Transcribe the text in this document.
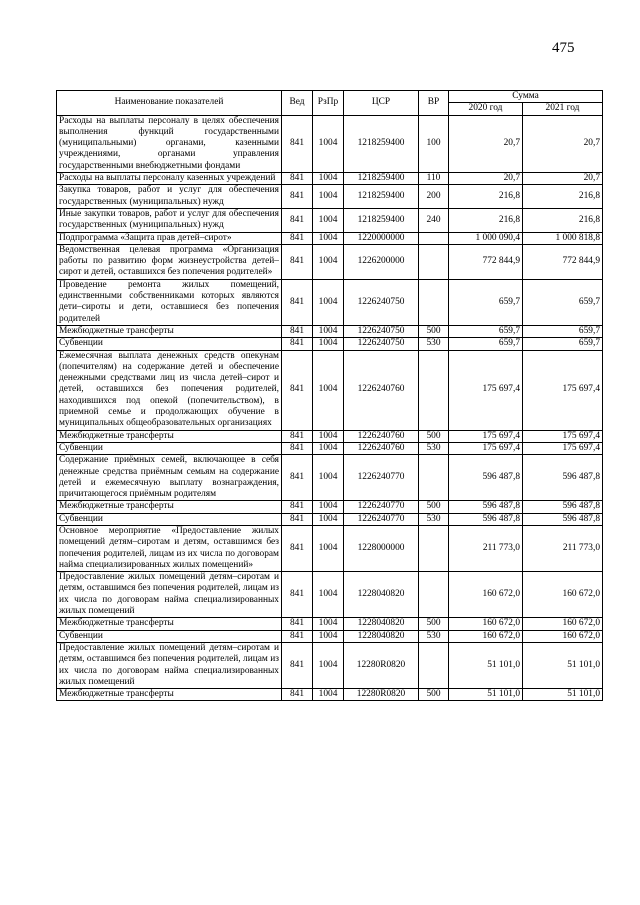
475
Наименование показателей	Вед	РзПр	ЦСР	ВР	Сумма	
					2020 год	2021 год
Расходы на выплаты персоналу в целях обеспечения выполнения функций государственными (муниципальными) органами, казенными учреждениями, органами управления государственными внебюджетными фондами	841	1004	1218259400	100	20,7	20,7
Расходы на выплаты персоналу казенных учреждений	841	1004	1218259400	110	20,7	20,7
Закупка товаров, работ и услуг для обеспечения государственных (муниципальных) нужд	841	1004	1218259400	200	216,8	216,8
Иные закупки товаров, работ и услуг для обеспечения государственных (муниципальных) нужд	841	1004	1218259400	240	216,8	216,8
Подпрограмма «Защита прав детей–сирот»	841	1004	1220000000		1 000 090,4	1 000 818,8
Ведомственная целевая программа «Организация работы по развитию форм жизнеустройства детей–сирот и детей, оставшихся без попечения родителей»	841	1004	1226200000		772 844,9	772 844,9
Проведение ремонта жилых помещений, единственными собственниками которых являются дети–сироты и дети, оставшиеся без попечения родителей	841	1004	1226240750		659,7	659,7
Межбюджетные трансферты	841	1004	1226240750	500	659,7	659,7
Субвенции	841	1004	1226240750	530	659,7	659,7
Ежемесячная выплата денежных средств опекунам (попечителям) на содержание детей и обеспечение денежными средствами лиц из числа детей–сирот и детей, оставшихся без попечения родителей, находившихся под опекой (попечительством), в приемной семье и продолжающих обучение в муниципальных общеобразовательных организациях	841	1004	1226240760		175 697,4	175 697,4
Межбюджетные трансферты	841	1004	1226240760	500	175 697,4	175 697,4
Субвенции	841	1004	1226240760	530	175 697,4	175 697,4
Содержание приёмных семей, включающее в себя денежные средства приёмным семьям на содержание детей и ежемесячную выплату вознаграждения, причитающегося приёмным родителям	841	1004	1226240770		596 487,8	596 487,8
Межбюджетные трансферты	841	1004	1226240770	500	596 487,8	596 487,8
Субвенции	841	1004	1226240770	530	596 487,8	596 487,8
Основное мероприятие «Предоставление жилых помещений детям–сиротам и детям, оставшимся без попечения родителей, лицам из их числа по договорам найма специализированных жилых помещений»	841	1004	1228000000		211 773,0	211 773,0
Предоставление жилых помещений детям–сиротам и детям, оставшимся без попечения родителей, лицам из их числа по договорам найма специализированных жилых помещений	841	1004	1228040820		160 672,0	160 672,0
Межбюджетные трансферты	841	1004	1228040820	500	160 672,0	160 672,0
Субвенции	841	1004	1228040820	530	160 672,0	160 672,0
Предоставление жилых помещений детям–сиротам и детям, оставшимся без попечения родителей, лицам из их числа по договорам найма специализированных жилых помещений	841	1004	12280R0820		51 101,0	51 101,0
Межбюджетные трансферты	841	1004	12280R0820	500	51 101,0	51 101,0
